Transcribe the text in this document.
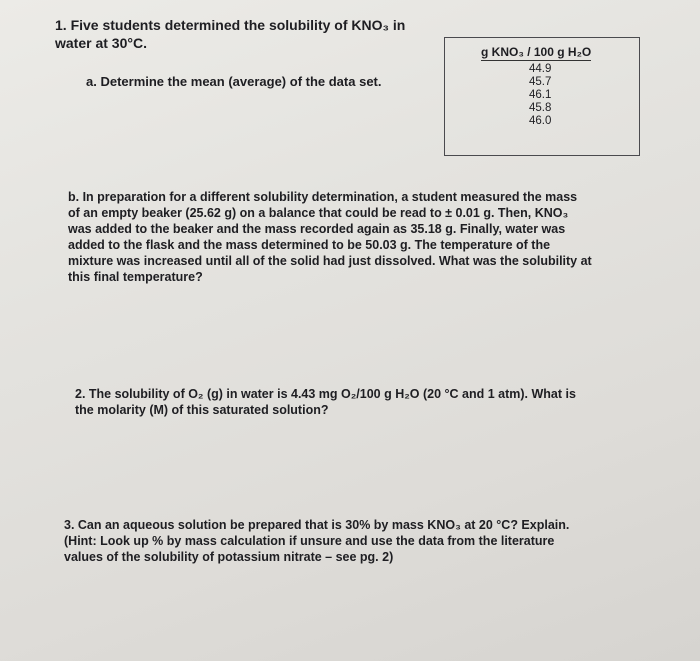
1. Five students determined the solubility of KNO₃ in
water at 30°C.
a. Determine the mean (average) of the data set.
g KNO₃ / 100 g H₂O
44.9
45.7
46.1
45.8
46.0
b. In preparation for a different solubility determination, a student measured the mass
of an empty beaker (25.62 g) on a balance that could be read to ± 0.01 g. Then, KNO₃
was added to the beaker and the mass recorded again as 35.18 g. Finally, water was
added to the flask and the mass determined to be 50.03 g. The temperature of the
mixture was increased until all of the solid had just dissolved. What was the solubility at
this final temperature?
2. The solubility of O₂ (g) in water is 4.43 mg O₂/100 g H₂O (20 °C and 1 atm). What is
the molarity (M) of this saturated solution?
3. Can an aqueous solution be prepared that is 30% by mass KNO₃ at 20 °C? Explain.
(Hint: Look up % by mass calculation if unsure and use the data from the literature
values of the solubility of potassium nitrate – see pg. 2)
